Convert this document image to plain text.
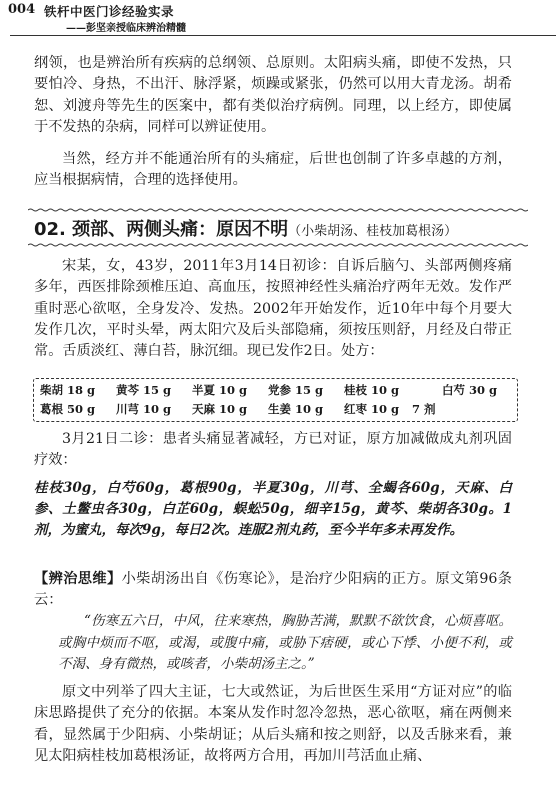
004 铁杆中医门诊经验实录
——彭坚亲授临床辨治精髓

纲领，也是辨治所有疾病的总纲领、总原则。太阳病头痛，即使不发热，只要怕冷、身热，不出汗、脉浮紧，烦躁或紧张，仍然可以用大青龙汤。胡希恕、刘渡舟等先生的医案中，都有类似治疗病例。同理，以上经方，即使属于不发热的杂病，同样可以辨证使用。

当然，经方并不能通治所有的头痛症，后世也创制了许多卓越的方剂，应当根据病情，合理的选择使用。

02. 颈部、两侧头痛：原因不明（小柴胡汤、桂枝加葛根汤）

宋某，女，43岁，2011年3月14日初诊：自诉后脑勺、头部两侧疼痛多年，西医排除颈椎压迫、高血压，按照神经性头痛治疗两年无效。发作严重时恶心欲呕，全身发冷、发热。2002年开始发作，近10年中每个月要大发作几次，平时头晕，两太阳穴及后头部隐痛，须按压则舒，月经及白带正常。舌质淡红、薄白苔，脉沉细。现已发作2日。处方：

柴胡 18 g 黄芩 15 g 半夏 10 g 党参 15 g 桂枝 10 g	白芍 30 g
葛根 50 g 川芎 10 g 天麻 10 g 生姜 10 g 红枣 10 g 7 剂

3月21日二诊：患者头痛显著减轻，方已对证，原方加减做成丸剂巩固疗效：

桂枝30g，白芍60g，葛根90g，半夏30g，川芎、全蝎各60g，天麻、白参、土鳖虫各30g，白芷60g，蜈蚣50g，细辛15g，黄芩、柴胡各30g。1剂，为蜜丸，每次9g，每日2次。连服2剂丸药，至今半年多未再发作。

【辨治思维】小柴胡汤出自《伤寒论》，是治疗少阳病的正方。原文第96条云：

“伤寒五六日，中风，往来寒热，胸胁苦满，默默不欲饮食，心烦喜呕。或胸中烦而不呕，或渴，或腹中痛，或胁下痞硬，或心下悸、小便不利，或不渴、身有微热，或咳者，小柴胡汤主之。”

原文中列举了四大主证，七大或然证，为后世医生采用“方证对应”的临床思路提供了充分的依据。本案从发作时忽冷忽热，恶心欲呕，痛在两侧来看，显然属于少阳病、小柴胡证；从后头痛和按之则舒，以及舌脉来看，兼见太阳病桂枝加葛根汤证，故将两方合用，再加川芎活血止痛、
